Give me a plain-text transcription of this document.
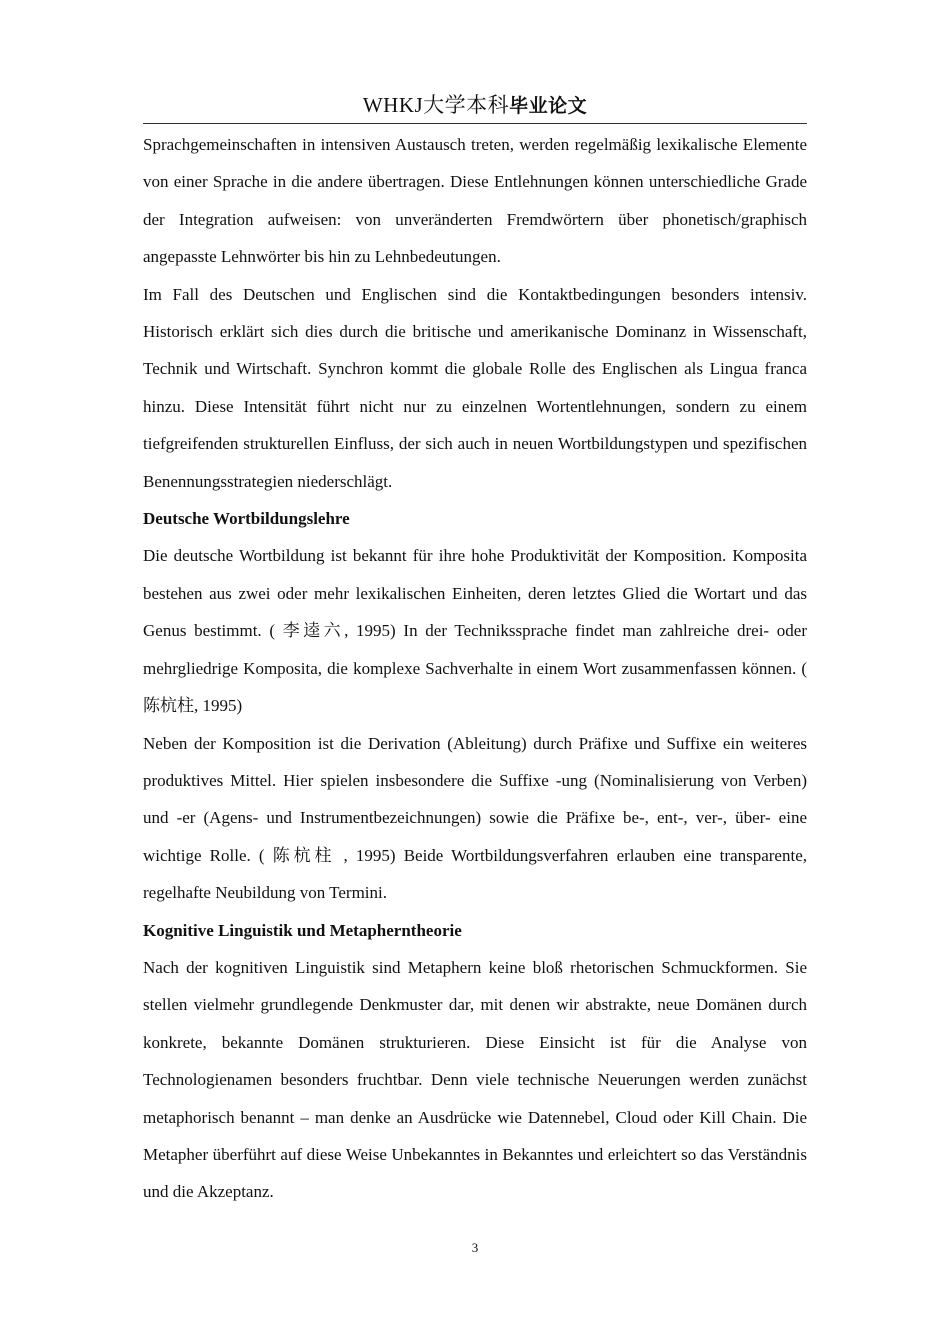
WHKJ大学本科毕业论文

Sprachgemeinschaften in intensiven Austausch treten, werden regelmäßig lexikalische Elemente von einer Sprache in die andere übertragen. Diese Entlehnungen können unterschiedliche Grade der Integration aufweisen: von unveränderten Fremdwörtern über phonetisch/graphisch angepasste Lehnwörter bis hin zu Lehnbedeutungen.

Im Fall des Deutschen und Englischen sind die Kontaktbedingungen besonders intensiv. Historisch erklärt sich dies durch die britische und amerikanische Dominanz in Wissenschaft, Technik und Wirtschaft. Synchron kommt die globale Rolle des Englischen als Lingua franca hinzu. Diese Intensität führt nicht nur zu einzelnen Wortentlehnungen, sondern zu einem tiefgreifenden strukturellen Einfluss, der sich auch in neuen Wortbildungstypen und spezifischen Benennungsstrategien niederschlägt.

Deutsche Wortbildungslehre

Die deutsche Wortbildung ist bekannt für ihre hohe Produktivität der Komposition. Komposita bestehen aus zwei oder mehr lexikalischen Einheiten, deren letztes Glied die Wortart und das Genus bestimmt. ( 李逵六, 1995) In der Technikssprache findet man zahlreiche drei- oder mehrgliedrige Komposita, die komplexe Sachverhalte in einem Wort zusammenfassen können. ( 陈杭柱, 1995)

Neben der Komposition ist die Derivation (Ableitung) durch Präfixe und Suffixe ein weiteres produktives Mittel. Hier spielen insbesondere die Suffixe -ung (Nominalisierung von Verben) und -er (Agens- und Instrumentbezeichnungen) sowie die Präfixe be-, ent-, ver-, über- eine wichtige Rolle. ( 陈杭柱 , 1995) Beide Wortbildungsverfahren erlauben eine transparente, regelhafte Neubildung von Termini.

Kognitive Linguistik und Metapherntheorie

Nach der kognitiven Linguistik sind Metaphern keine bloß rhetorischen Schmuckformen. Sie stellen vielmehr grundlegende Denkmuster dar, mit denen wir abstrakte, neue Domänen durch konkrete, bekannte Domänen strukturieren. Diese Einsicht ist für die Analyse von Technologienamen besonders fruchtbar. Denn viele technische Neuerungen werden zunächst metaphorisch benannt – man denke an Ausdrücke wie Datennebel, Cloud oder Kill Chain. Die Metapher überführt auf diese Weise Unbekanntes in Bekanntes und erleichtert so das Verständnis und die Akzeptanz.

3
